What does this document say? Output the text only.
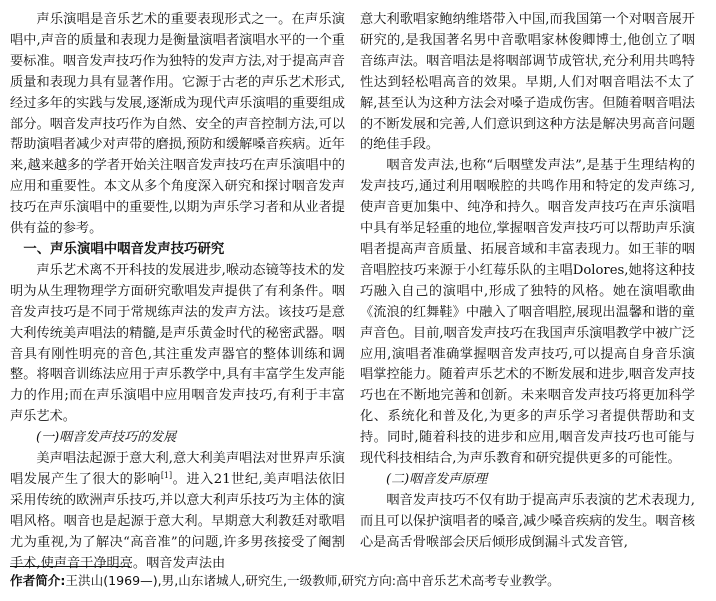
声乐演唱是音乐艺术的重要表现形式之一。在声乐演唱中,声音的质量和表现力是衡量演唱者演唱水平的一个重要标准。咽音发声技巧作为独特的发声方法,对于提高声音质量和表现力具有显著作用。它源于古老的声乐艺术形式,经过多年的实践与发展,逐渐成为现代声乐演唱的重要组成部分。咽音发声技巧作为自然、安全的声音控制方法,可以帮助演唱者减少对声带的磨损,预防和缓解嗓音疾病。近年来,越来越多的学者开始关注咽音发声技巧在声乐演唱中的应用和重要性。本文从多个角度深入研究和探讨咽音发声技巧在声乐演唱中的重要性,以期为声乐学习者和从业者提供有益的参考。

一、声乐演唱中咽音发声技巧研究

声乐艺术离不开科技的发展进步,喉动态镜等技术的发明为从生理物理学方面研究歌唱发声提供了有利条件。咽音发声技巧是不同于常规练声法的发声方法。该技巧是意大利传统美声唱法的精髓,是声乐黄金时代的秘密武器。咽音具有刚性明亮的音色,其注重发声器官的整体训练和调整。将咽音训练法应用于声乐教学中,具有丰富学生发声能力的作用;而在声乐演唱中应用咽音发声技巧,有利于丰富声乐艺术。

(一)咽音发声技巧的发展

美声唱法起源于意大利,意大利美声唱法对世界声乐演唱发展产生了很大的影响[1]。进入21世纪,美声唱法依旧采用传统的欧洲声乐技巧,并以意大利声乐技巧为主体的演唱风格。咽音也是起源于意大利。早期意大利教廷对歌唱尤为重视,为了解决“高音准”的问题,许多男孩接受了阉割手术,使声音干净明亮。咽音发声法由

意大利歌唱家鲍纳维塔带入中国,而我国第一个对咽音展开研究的,是我国著名男中音歌唱家林俊卿博士,他创立了咽音练声法。咽音唱法是将咽部调节成管状,充分利用共鸣特性达到轻松唱高音的效果。早期,人们对咽音唱法不太了解,甚至认为这种方法会对嗓子造成伤害。但随着咽音唱法的不断发展和完善,人们意识到这种方法是解决男高音问题的绝佳手段。

咽音发声法,也称“后咽壁发声法”,是基于生理结构的发声技巧,通过利用咽喉腔的共鸣作用和特定的发声练习,使声音更加集中、纯净和持久。咽音发声技巧在声乐演唱中具有举足轻重的地位,掌握咽音发声技巧可以帮助声乐演唱者提高声音质量、拓展音域和丰富表现力。如王菲的咽音唱腔技巧来源于小红莓乐队的主唱Dolores,她将这种技巧融入自己的演唱中,形成了独特的风格。她在演唱歌曲《流浪的红舞鞋》中融入了咽音唱腔,展现出温馨和谐的童声音色。目前,咽音发声技巧在我国声乐演唱教学中被广泛应用,演唱者准确掌握咽音发声技巧,可以提高自身音乐演唱掌控能力。随着声乐艺术的不断发展和进步,咽音发声技巧也在不断地完善和创新。未来咽音发声技巧将更加科学化、系统化和普及化,为更多的声乐学习者提供帮助和支持。同时,随着科技的进步和应用,咽音发声技巧也可能与现代科技相结合,为声乐教育和研究提供更多的可能性。

(二)咽音发声原理

咽音发声技巧不仅有助于提高声乐表演的艺术表现力,而且可以保护演唱者的嗓音,减少嗓音疾病的发生。咽音核心是高舌骨喉部会厌后倾形成倒漏斗式发音管,

作者简介:王洪山(1969—),男,山东诸城人,研究生,一级教师,研究方向:高中音乐艺术高考专业教学。
